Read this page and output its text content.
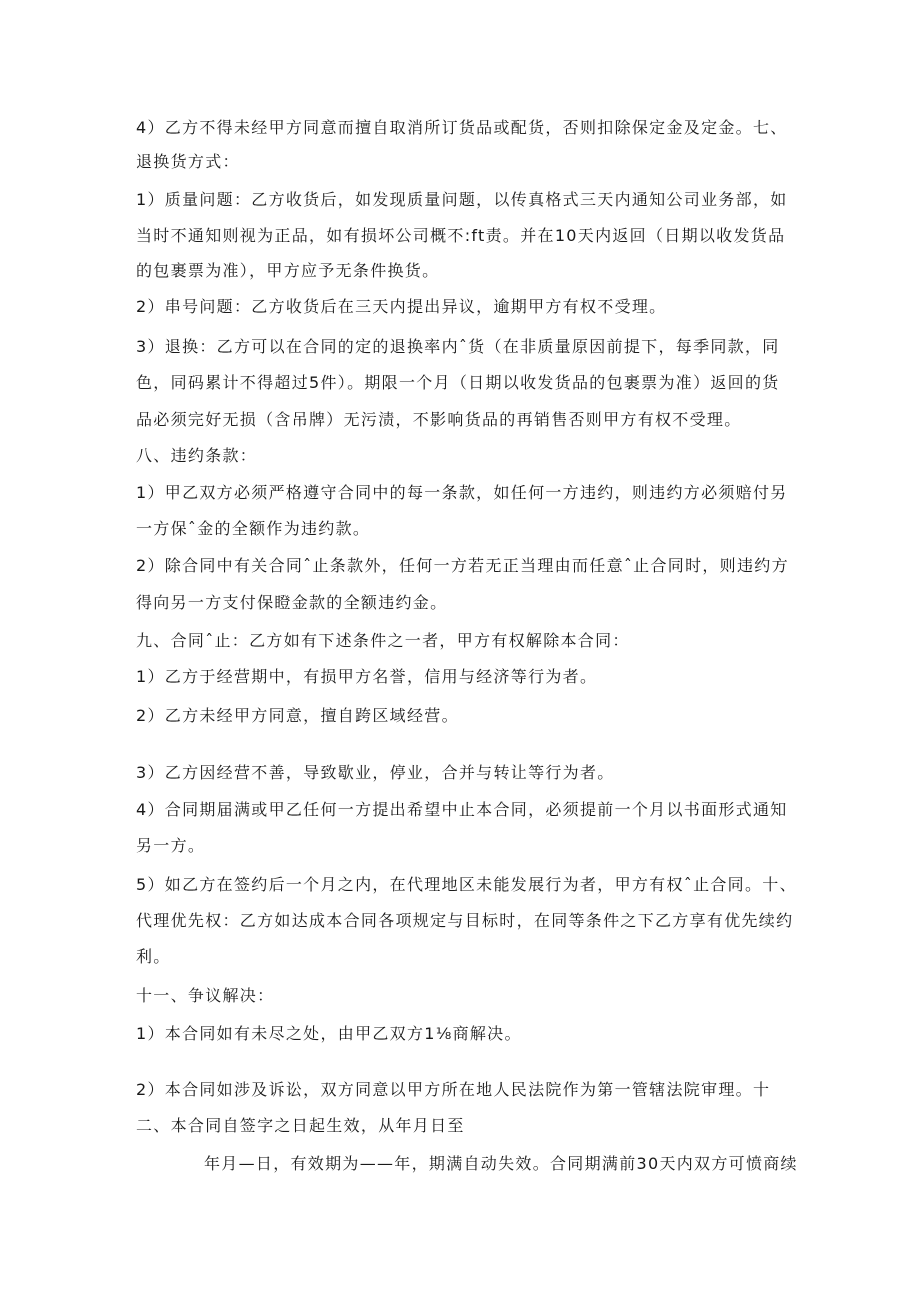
4）乙方不得未经甲方同意而擅自取消所订货品或配货，否则扣除保定金及定金。七、
退换货方式：
1）质量问题：乙方收货后，如发现质量问题，以传真格式三天内通知公司业务部，如
当时不通知则视为正品，如有损坏公司概不:ft责。并在10天内返回（日期以收发货品
的包裹票为准），甲方应予无条件换货。
2）串号问题：乙方收货后在三天内提出异议，逾期甲方有权不受理。
3）退换：乙方可以在合同的定的退换率内ˆ货（在非质量原因前提下，每季同款，同
色，同码累计不得超过5件）。期限一个月（日期以收发货品的包裹票为准）返回的货
品必须完好无损（含吊牌）无污渍，不影响货品的再销售否则甲方有权不受理。
八、违约条款：
1）甲乙双方必须严格遵守合同中的每一条款，如任何一方违约，则违约方必须赔付另
一方保ˆ金的全额作为违约款。
2）除合同中有关合同ˆ止条款外，任何一方若无正当理由而任意ˆ止合同时，则违约方
得向另一方支付保瞪金款的全额违约金。
九、合同ˆ止：乙方如有下述条件之一者，甲方有权解除本合同：
1）乙方于经营期中，有损甲方名誉，信用与经济等行为者。
2）乙方未经甲方同意，擅自跨区域经营。
3）乙方因经营不善，导致歇业，停业，合并与转让等行为者。
4）合同期届满或甲乙任何一方提出希望中止本合同，必须提前一个月以书面形式通知
另一方。
5）如乙方在签约后一个月之内，在代理地区未能发展行为者，甲方有权ˆ止合同。十、
代理优先权：乙方如达成本合同各项规定与目标时，在同等条件之下乙方享有优先续约
利。
十一、争议解决：
1）本合同如有未尽之处，由甲乙双方1⅛商解决。
2）本合同如涉及诉讼，双方同意以甲方所在地人民法院作为第一管辖法院审理。十
二、本合同自签字之日起生效，从年月日至
年月—日，有效期为——年，期满自动失效。合同期满前30天内双方可愤商续
